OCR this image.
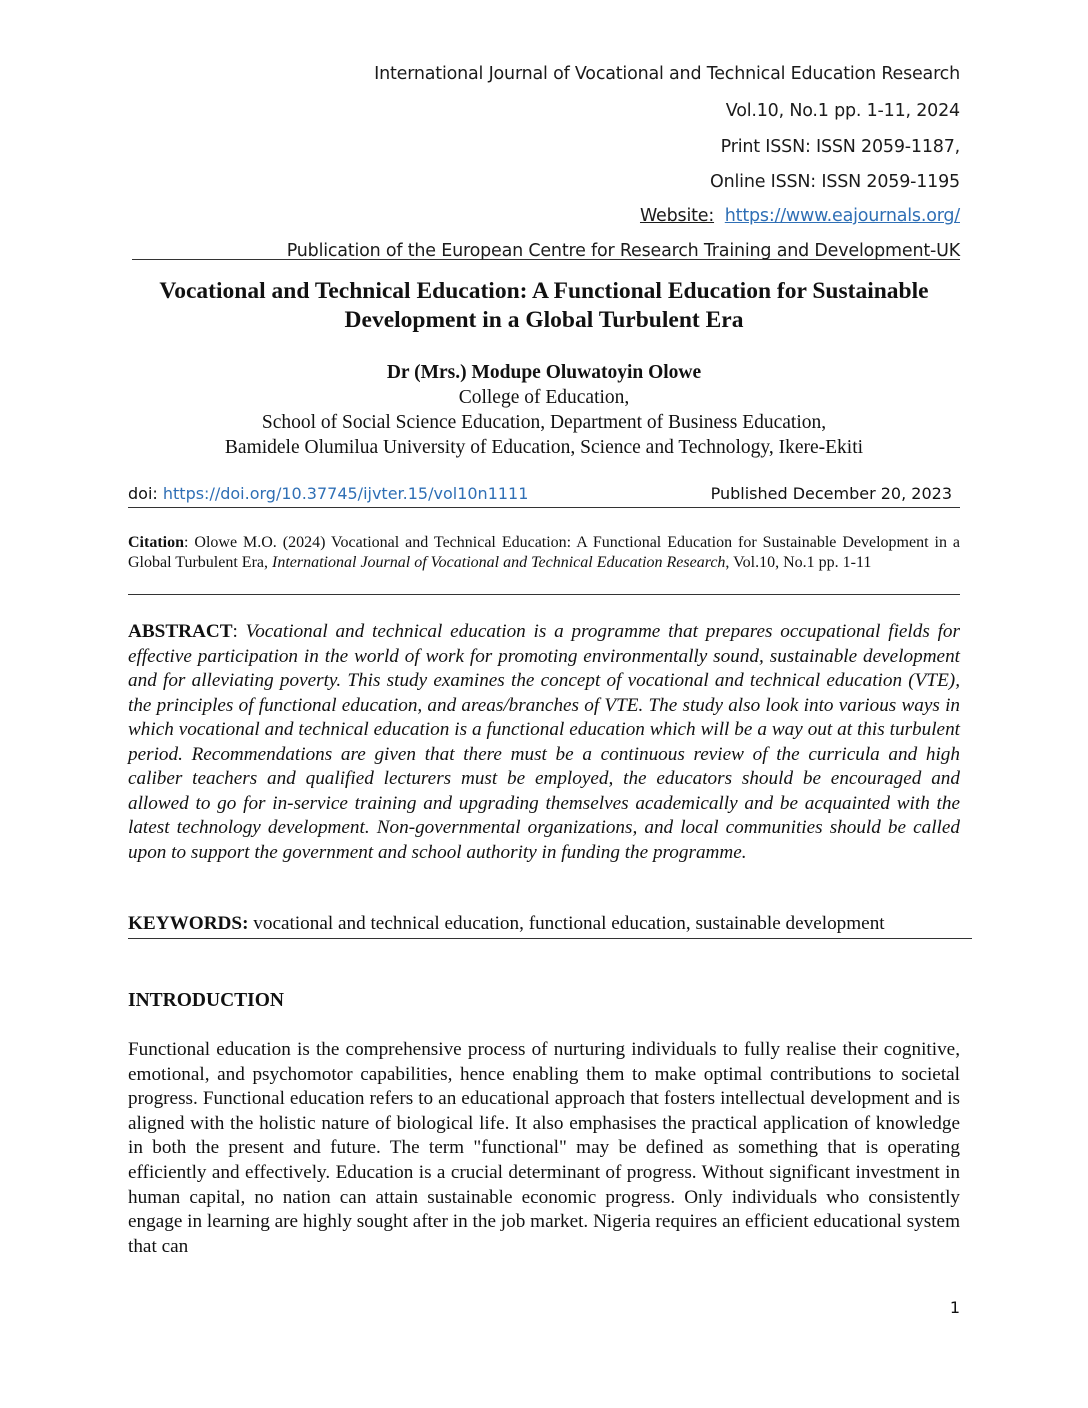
International Journal of Vocational and Technical Education Research
Vol.10, No.1 pp. 1-11, 2024
Print ISSN: ISSN 2059-1187,
Online ISSN: ISSN 2059-1195
Website: https://www.eajournals.org/
Publication of the European Centre for Research Training and Development-UK
Vocational and Technical Education: A Functional Education for Sustainable
Development in a Global Turbulent Era
Dr (Mrs.) Modupe Oluwatoyin Olowe
College of Education,
School of Social Science Education, Department of Business Education,
Bamidele Olumilua University of Education, Science and Technology, Ikere-Ekiti
doi: https://doi.org/10.37745/ijvter.15/vol10n1111	Published December 20, 2023
Citation: Olowe M.O. (2024) Vocational and Technical Education: A Functional Education for Sustainable Development in a Global Turbulent Era, International Journal of Vocational and Technical Education Research, Vol.10, No.1 pp. 1-11
ABSTRACT: Vocational and technical education is a programme that prepares occupational fields for effective participation in the world of work for promoting environmentally sound, sustainable development and for alleviating poverty. This study examines the concept of vocational and technical education (VTE), the principles of functional education, and areas/branches of VTE. The study also look into various ways in which vocational and technical education is a functional education which will be a way out at this turbulent period. Recommendations are given that there must be a continuous review of the curricula and high caliber teachers and qualified lecturers must be employed, the educators should be encouraged and allowed to go for in-service training and upgrading themselves academically and be acquainted with the latest technology development. Non-governmental organizations, and local communities should be called upon to support the government and school authority in funding the programme.
KEYWORDS: vocational and technical education, functional education, sustainable development
INTRODUCTION
Functional education is the comprehensive process of nurturing individuals to fully realise their cognitive, emotional, and psychomotor capabilities, hence enabling them to make optimal contributions to societal progress. Functional education refers to an educational approach that fosters intellectual development and is aligned with the holistic nature of biological life. It also emphasises the practical application of knowledge in both the present and future. The term "functional" may be defined as something that is operating efficiently and effectively. Education is a crucial determinant of progress. Without significant investment in human capital, no nation can attain sustainable economic progress. Only individuals who consistently engage in learning are highly sought after in the job market. Nigeria requires an efficient educational system that can
1
